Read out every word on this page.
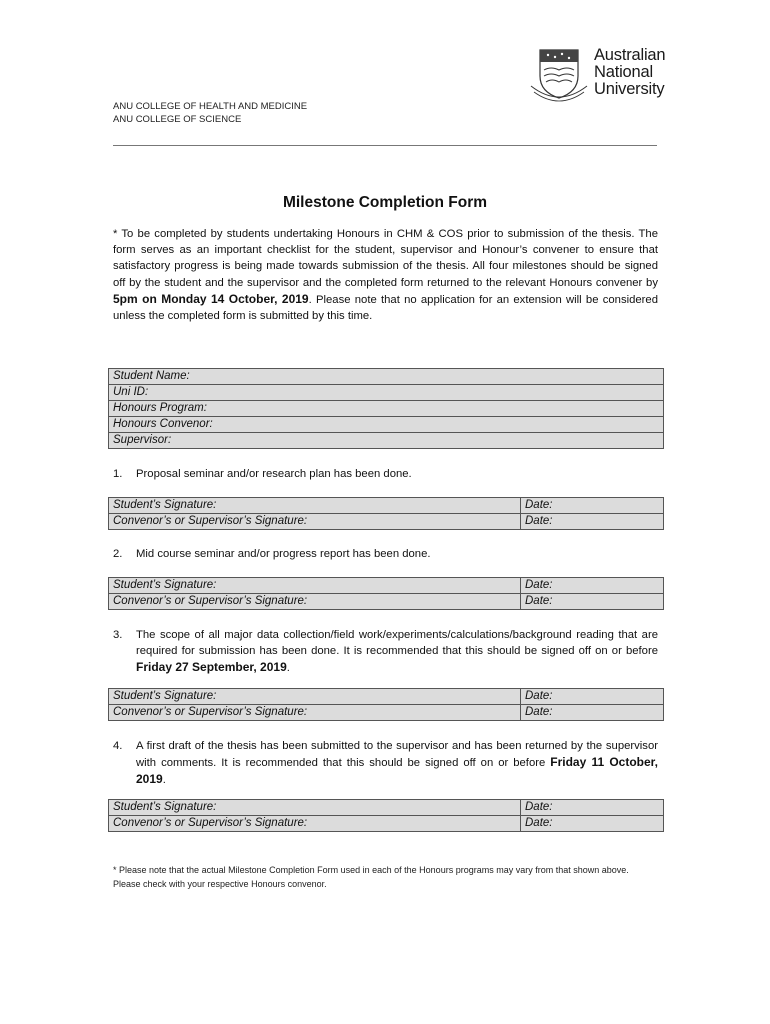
Australian
National
University
ANU COLLEGE OF HEALTH AND MEDICINE
ANU COLLEGE OF SCIENCE
Milestone Completion Form
* To be completed by students undertaking Honours in CHM & COS prior to submission of the thesis. The form serves as an important checklist for the student, supervisor and Honour’s convener to ensure that satisfactory progress is being made towards submission of the thesis. All four milestones should be signed off by the student and the supervisor and the completed form returned to the relevant Honours convener by 5pm on Monday 14 October, 2019. Please note that no application for an extension will be considered unless the completed form is submitted by this time.
Student Name:
Uni ID:
Honours Program:
Honours Convenor:
Supervisor:
1. Proposal seminar and/or research plan has been done.
Student’s Signature:	Date:
Convenor’s or Supervisor’s Signature:	Date:
2. Mid course seminar and/or progress report has been done.
Student’s Signature:	Date:
Convenor’s or Supervisor’s Signature:	Date:
3. The scope of all major data collection/field work/experiments/calculations/background reading that are required for submission has been done. It is recommended that this should be signed off on or before Friday 27 September, 2019.
Student’s Signature:	Date:
Convenor’s or Supervisor’s Signature:	Date:
4. A first draft of the thesis has been submitted to the supervisor and has been returned by the supervisor with comments. It is recommended that this should be signed off on or before Friday 11 October, 2019.
Student’s Signature:	Date:
Convenor’s or Supervisor’s Signature:	Date:
* Please note that the actual Milestone Completion Form used in each of the Honours programs may vary from that shown above. Please check with your respective Honours convenor.
